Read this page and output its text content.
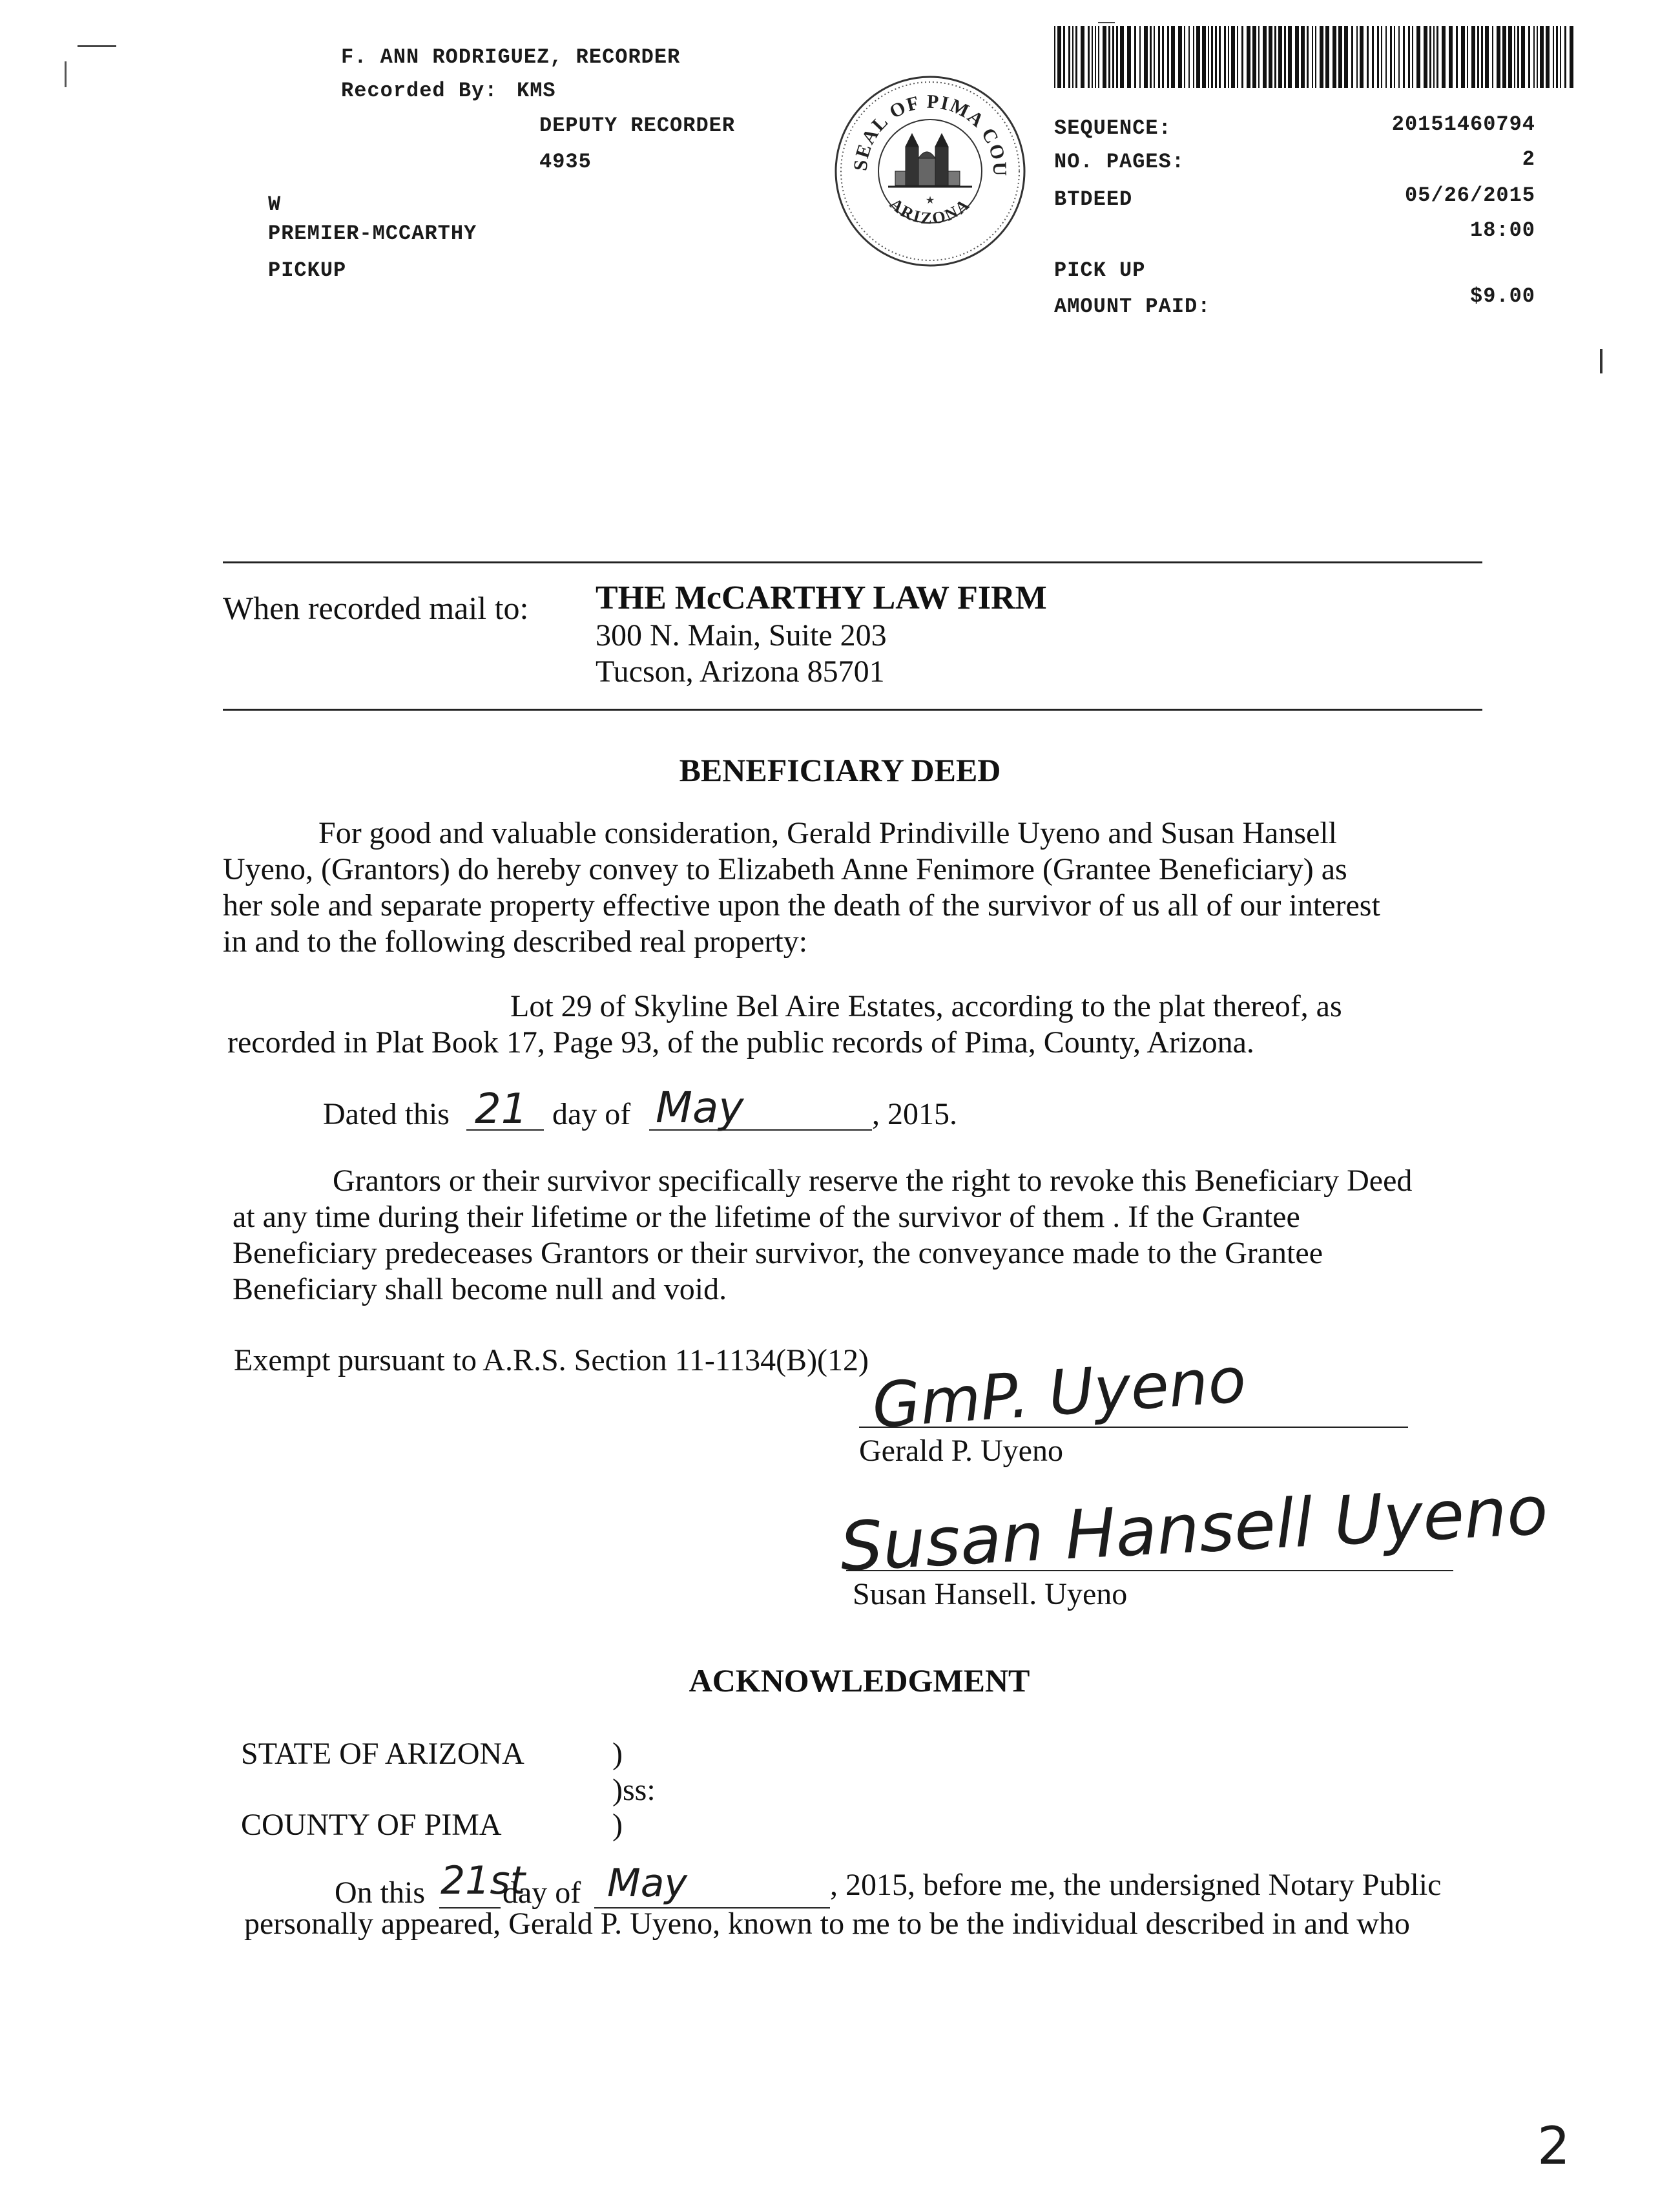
F. ANN RODRIGUEZ, RECORDER
Recorded By: KMS
DEPUTY RECORDER
4935
W
PREMIER-MCCARTHY
PICKUP
SEAL OF PIMA COU
ARIZONA
★
SEQUENCE:	20151460794
NO. PAGES:	2
BTDEED	05/26/2015
18:00
PICK UP
AMOUNT PAID:	$9.00
When recorded mail to: THE McCARTHY LAW FIRM
300 N. Main, Suite 203
Tucson, Arizona 85701
BENEFICIARY DEED
For good and valuable consideration, Gerald Prindiville Uyeno and Susan Hansell
Uyeno, (Grantors) do hereby convey to Elizabeth Anne Fenimore (Grantee Beneficiary) as
her sole and separate property effective upon the death of the survivor of us all of our interest
in and to the following described real property:
Lot 29 of Skyline Bel Aire Estates, according to the plat thereof, as
recorded in Plat Book 17, Page 93, of the public records of Pima, County, Arizona.
Dated this 21 day of May	, 2015.
Grantors or their survivor specifically reserve the right to revoke this Beneficiary Deed
at any time during their lifetime or the lifetime of the survivor of them . If the Grantee
Beneficiary predeceases Grantors or their survivor, the conveyance made to the Grantee
Beneficiary shall become null and void.
Exempt pursuant to A.R.S. Section 11-1134(B)(12) GmP. Uyeno
Gerald P. Uyeno
Susan Hansell Uyeno
Susan Hansell. Uyeno
ACKNOWLEDGMENT
STATE OF ARIZONA	)
)ss:
COUNTY OF PIMA	)
On this 21st
day of May	, 2015, before me, the undersigned Notary Public
personally appeared, Gerald P. Uyeno, known to me to be the individual described in and who
2
